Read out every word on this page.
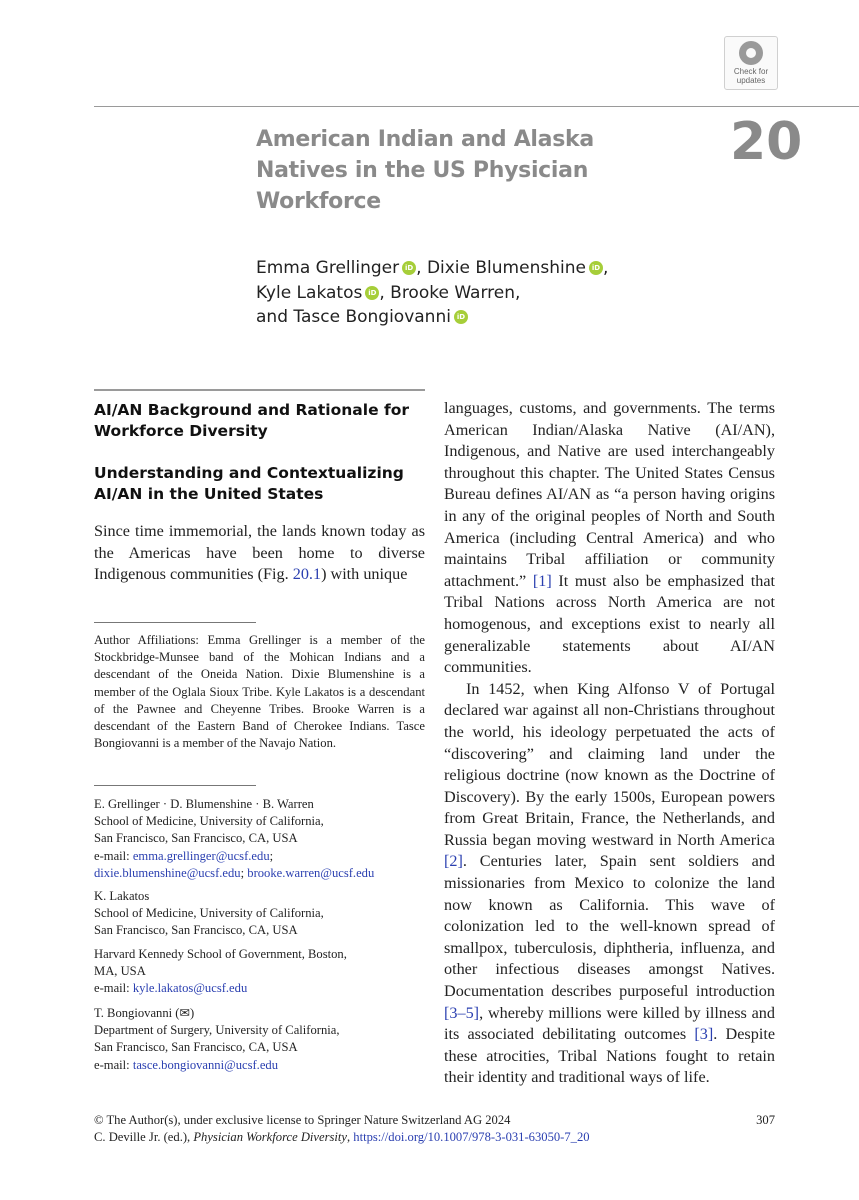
Check for
updates
American Indian and Alaska Natives in the US Physician Workforce
20
Emma Grellinger iD , Dixie Blumenshine iD ,
Kyle Lakatos iD , Brooke Warren,
and Tasce Bongiovanni iD
AI/AN Background and Rationale for Workforce Diversity
Understanding and Contextualizing AI/AN in the United States
Since time immemorial, the lands known today as the Americas have been home to diverse Indigenous communities (Fig. 20.1) with unique
Author Affiliations: Emma Grellinger is a member of the Stockbridge-Munsee band of the Mohican Indians and a descendant of the Oneida Nation. Dixie Blumenshine is a member of the Oglala Sioux Tribe. Kyle Lakatos is a descendant of the Pawnee and Cheyenne Tribes. Brooke Warren is a descendant of the Eastern Band of Cherokee Indians. Tasce Bongiovanni is a member of the Navajo Nation.
E. Grellinger · D. Blumenshine · B. Warren
School of Medicine, University of California,
San Francisco, San Francisco, CA, USA
e-mail: emma.grellinger@ucsf.edu;
dixie.blumenshine@ucsf.edu; brooke.warren@ucsf.edu
K. Lakatos
School of Medicine, University of California,
San Francisco, San Francisco, CA, USA
Harvard Kennedy School of Government, Boston,
MA, USA
e-mail: kyle.lakatos@ucsf.edu
T. Bongiovanni (✉)
Department of Surgery, University of California,
San Francisco, San Francisco, CA, USA
e-mail: tasce.bongiovanni@ucsf.edu

languages, customs, and governments. The terms American Indian/Alaska Native (AI/AN), Indigenous, and Native are used interchangeably throughout this chapter. The United States Census Bureau defines AI/AN as “a person having origins in any of the original peoples of North and South America (including Central America) and who maintains Tribal affiliation or community attachment.” [1] It must also be emphasized that Tribal Nations across North America are not homogenous, and exceptions exist to nearly all generalizable statements about AI/AN communities.

In 1452, when King Alfonso V of Portugal declared war against all non-Christians throughout the world, his ideology perpetuated the acts of “discovering” and claiming land under the religious doctrine (now known as the Doctrine of Discovery). By the early 1500s, European powers from Great Britain, France, the Netherlands, and Russia began moving westward in North America [2]. Centuries later, Spain sent soldiers and missionaries from Mexico to colonize the land now known as California. This wave of colonization led to the well-known spread of smallpox, tuberculosis, diphtheria, influenza, and other infectious diseases amongst Natives. Documentation describes purposeful introduction [3–5], whereby millions were killed by illness and its associated debilitating outcomes [3]. Despite these atrocities, Tribal Nations fought to retain their identity and traditional ways of life.

© The Author(s), under exclusive license to Springer Nature Switzerland AG 2024
C. Deville Jr. (ed.), Physician Workforce Diversity, https://doi.org/10.1007/978-3-031-63050-7_20
307
